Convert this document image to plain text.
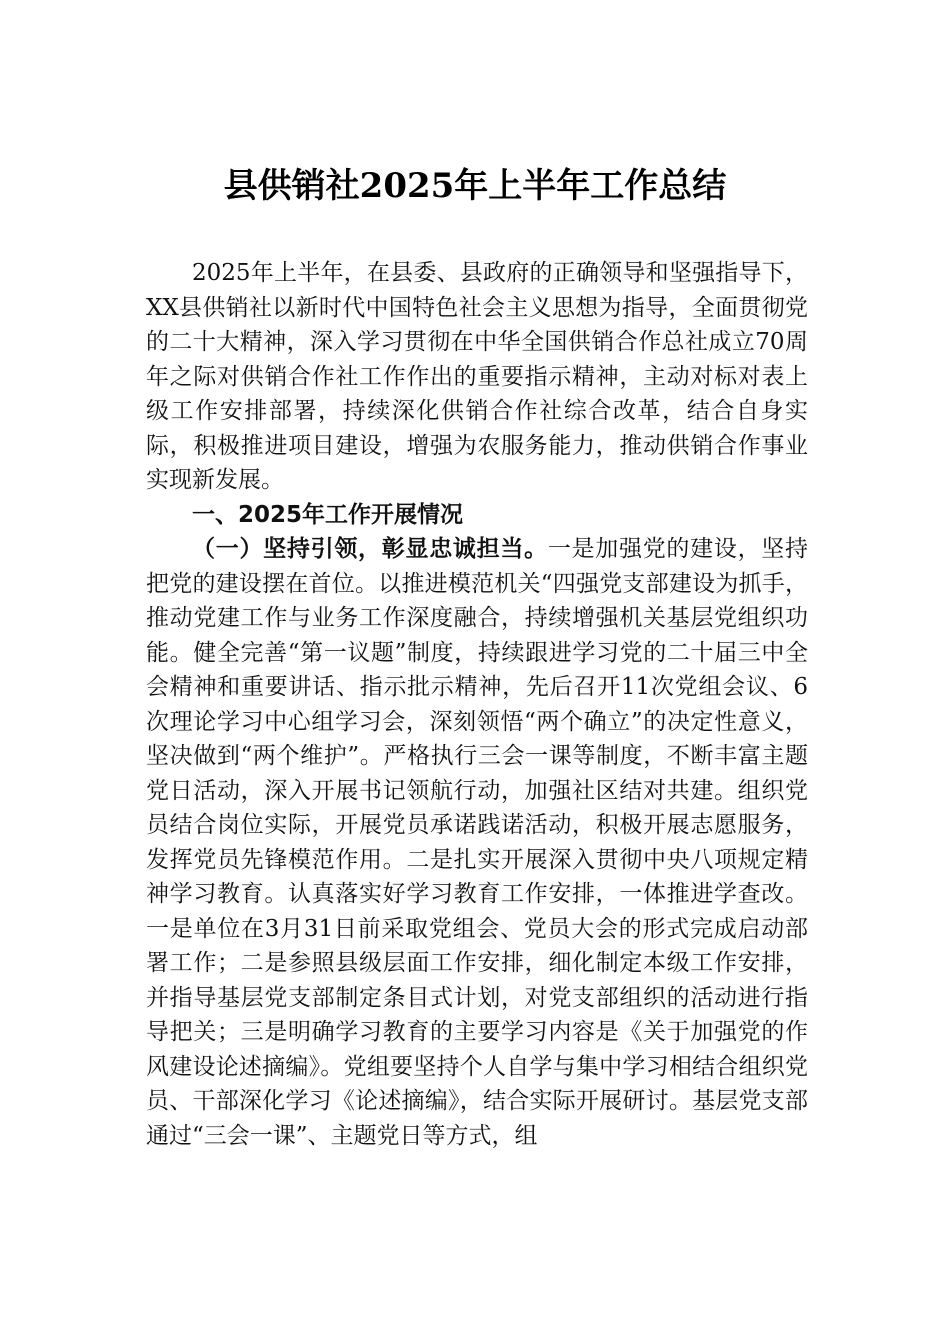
县供销社2025年上半年工作总结

2025年上半年，在县委、县政府的正确领导和坚强指导下，XX县供销社以新时代中国特色社会主义思想为指导，全面贯彻党的二十大精神，深入学习贯彻在中华全国供销合作总社成立70周年之际对供销合作社工作作出的重要指示精神，主动对标对表上级工作安排部署，持续深化供销合作社综合改革，结合自身实际，积极推进项目建设，增强为农服务能力，推动供销合作事业实现新发展。

一、2025年工作开展情况

（一）坚持引领，彰显忠诚担当。一是加强党的建设，坚持把党的建设摆在首位。以推进模范机关“四强党支部建设为抓手，推动党建工作与业务工作深度融合，持续增强机关基层党组织功能。健全完善“第一议题”制度，持续跟进学习党的二十届三中全会精神和重要讲话、指示批示精神，先后召开11次党组会议、6次理论学习中心组学习会，深刻领悟“两个确立”的决定性意义，坚决做到“两个维护”。严格执行三会一课等制度，不断丰富主题党日活动，深入开展书记领航行动，加强社区结对共建。组织党员结合岗位实际，开展党员承诺践诺活动，积极开展志愿服务，发挥党员先锋模范作用。二是扎实开展深入贯彻中央八项规定精神学习教育。认真落实好学习教育工作安排，一体推进学查改。一是单位在3月31日前采取党组会、党员大会的形式完成启动部署工作；二是参照县级层面工作安排，细化制定本级工作安排，并指导基层党支部制定条目式计划，对党支部组织的活动进行指导把关；三是明确学习教育的主要学习内容是《关于加强党的作风建设论述摘编》。党组要坚持个人自学与集中学习相结合组织党员、干部深化学习《论述摘编》，结合实际开展研讨。基层党支部通过“三会一课”、主题党日等方式，组
